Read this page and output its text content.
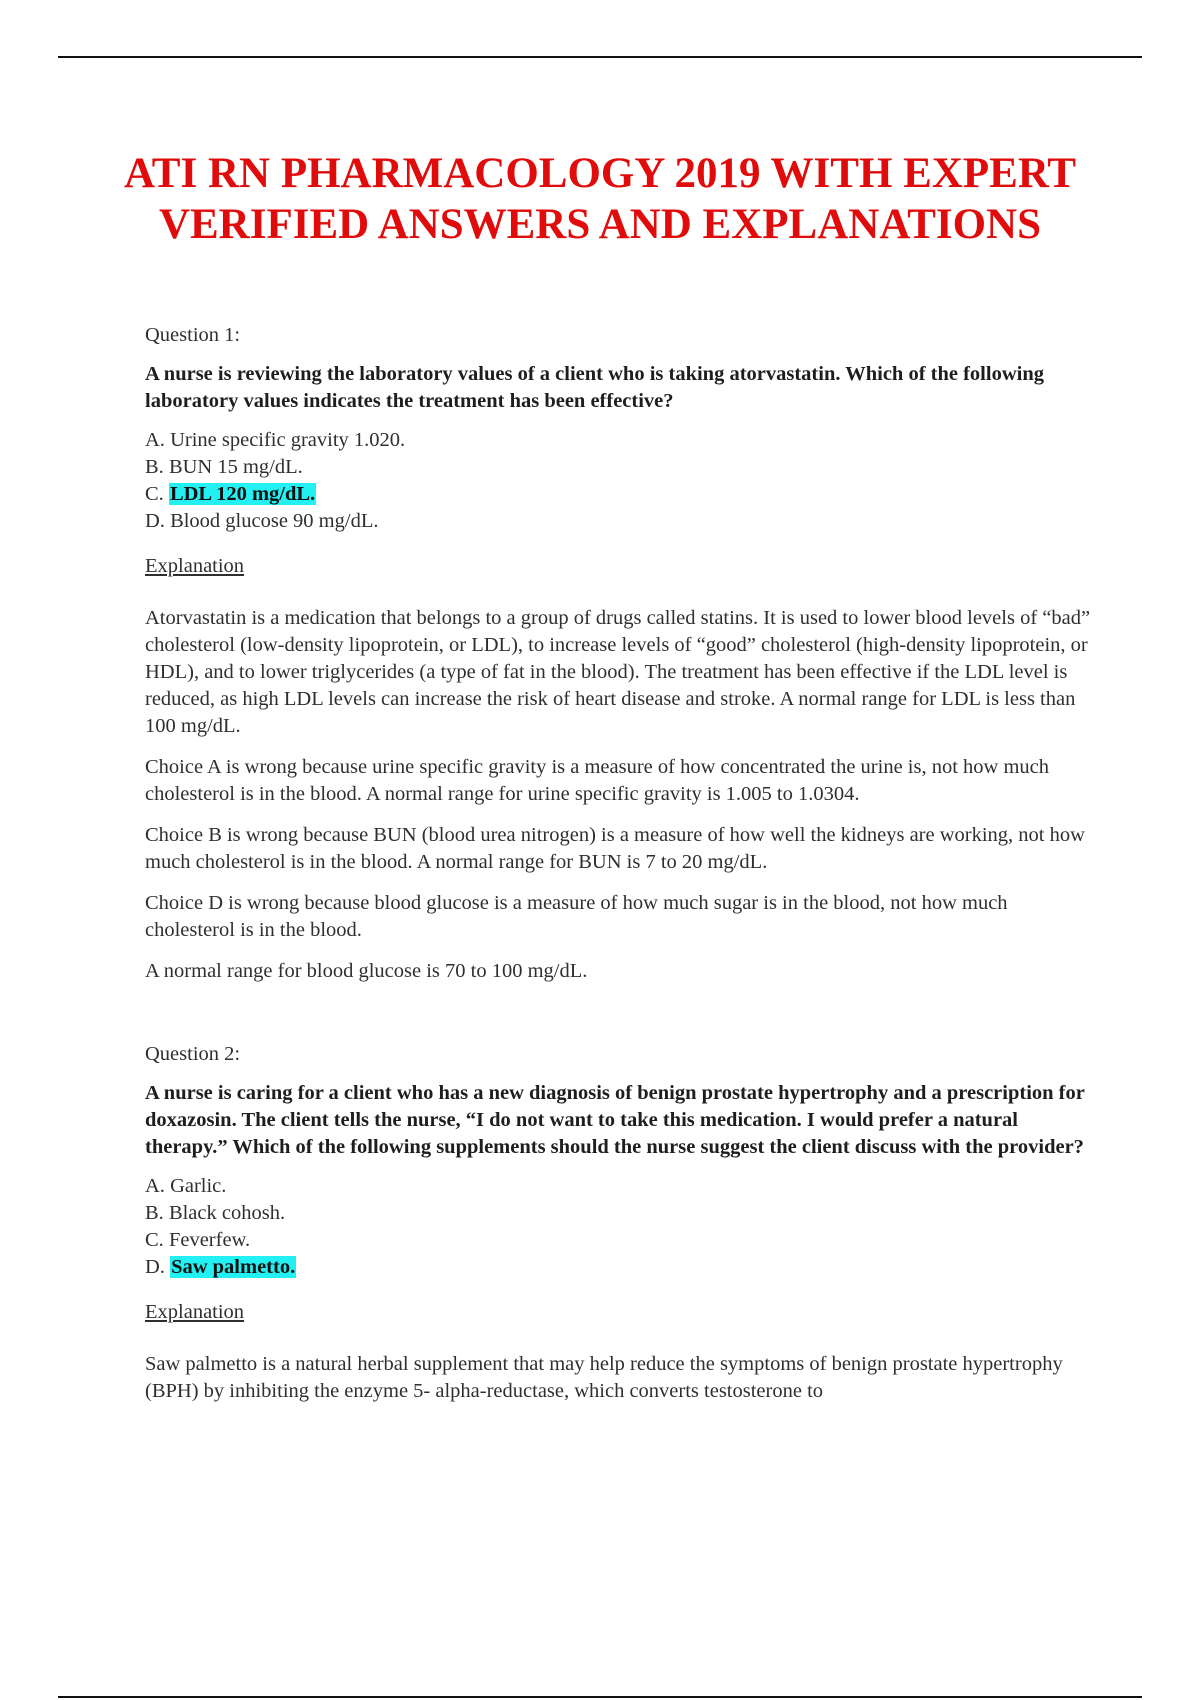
ATI RN PHARMACOLOGY 2019 WITH EXPERT VERIFIED ANSWERS AND EXPLANATIONS

Question 1:

A nurse is reviewing the laboratory values of a client who is taking atorvastatin. Which of the following laboratory values indicates the treatment has been effective?

A. Urine specific gravity 1.020.
B. BUN 15 mg/dL.
C. LDL 120 mg/dL.
D. Blood glucose 90 mg/dL.

Explanation

Atorvastatin is a medication that belongs to a group of drugs called statins. It is used to lower blood levels of “bad” cholesterol (low-density lipoprotein, or LDL), to increase levels of “good” cholesterol (high-density lipoprotein, or HDL), and to lower triglycerides (a type of fat in the blood). The treatment has been effective if the LDL level is reduced, as high LDL levels can increase the risk of heart disease and stroke. A normal range for LDL is less than 100 mg/dL.

Choice A is wrong because urine specific gravity is a measure of how concentrated the urine is, not how much cholesterol is in the blood. A normal range for urine specific gravity is 1.005 to 1.0304.

Choice B is wrong because BUN (blood urea nitrogen) is a measure of how well the kidneys are working, not how much cholesterol is in the blood. A normal range for BUN is 7 to 20 mg/dL.

Choice D is wrong because blood glucose is a measure of how much sugar is in the blood, not how much cholesterol is in the blood.

A normal range for blood glucose is 70 to 100 mg/dL.

Question 2:

A nurse is caring for a client who has a new diagnosis of benign prostate hypertrophy and a prescription for doxazosin. The client tells the nurse, “I do not want to take this medication. I would prefer a natural therapy.” Which of the following supplements should the nurse suggest the client discuss with the provider?

A. Garlic.
B. Black cohosh.
C. Feverfew.
D. Saw palmetto.

Explanation

Saw palmetto is a natural herbal supplement that may help reduce the symptoms of benign prostate hypertrophy (BPH) by inhibiting the enzyme 5- alpha-reductase, which converts testosterone to
